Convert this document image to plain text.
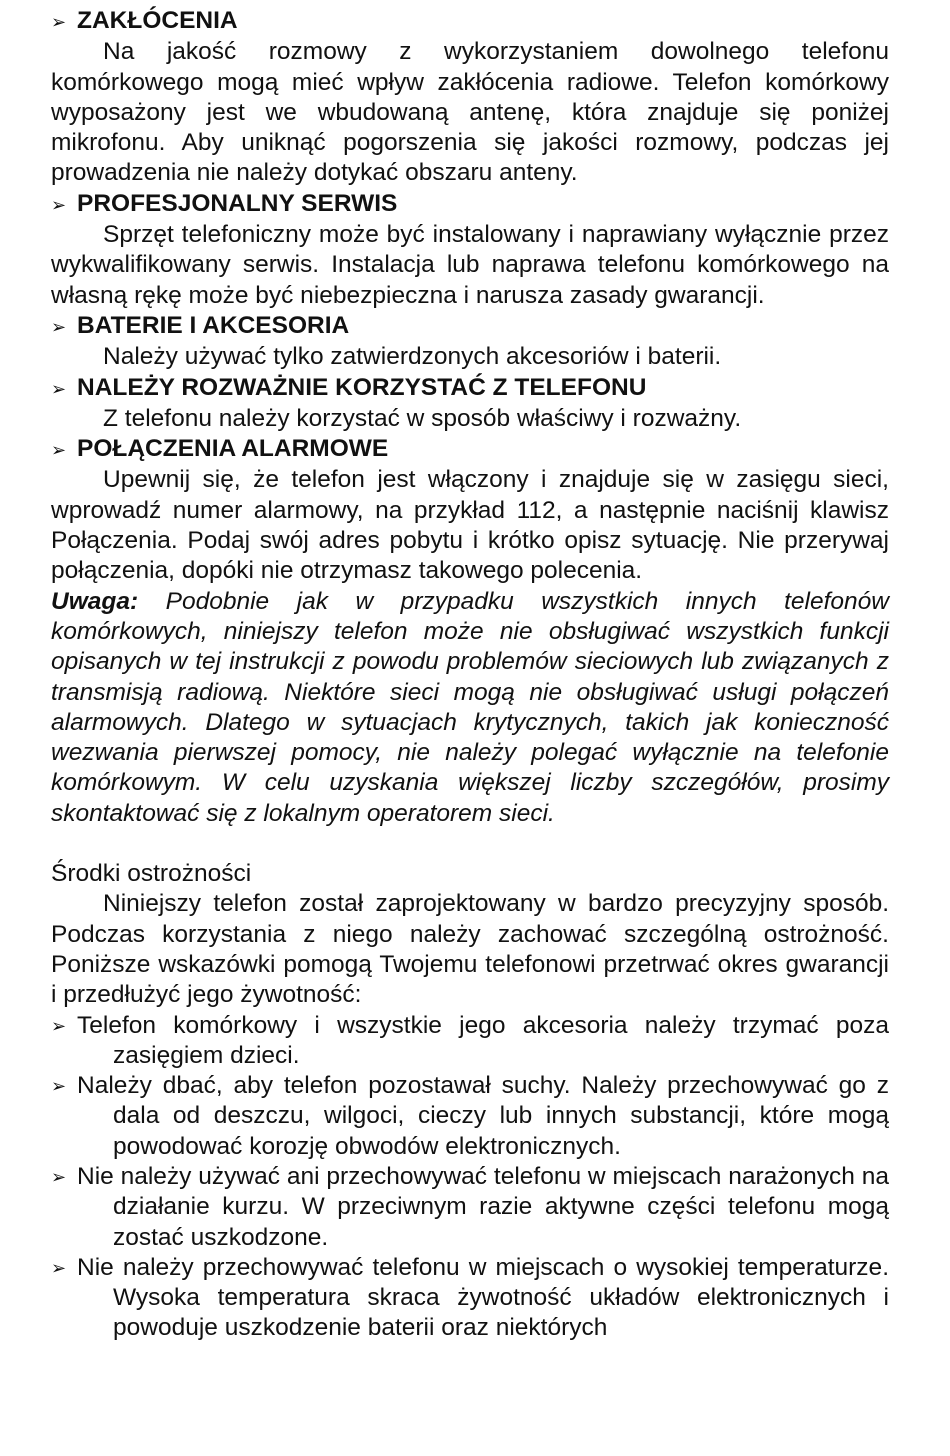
➢ ZAKŁÓCENIA

Na jakość rozmowy z wykorzystaniem dowolnego telefonu komórkowego mogą mieć wpływ zakłócenia radiowe. Telefon komórkowy wyposażony jest we wbudowaną antenę, która znajduje się poniżej mikrofonu. Aby uniknąć pogorszenia się jakości rozmowy, podczas jej prowadzenia nie należy dotykać obszaru anteny.

➢ PROFESJONALNY SERWIS

Sprzęt telefoniczny może być instalowany i naprawiany wyłącznie przez wykwalifikowany serwis. Instalacja lub naprawa telefonu komórkowego na własną rękę może być niebezpieczna i narusza zasady gwarancji.

➢ BATERIE I AKCESORIA

Należy używać tylko zatwierdzonych akcesoriów i baterii.

➢ NALEŻY ROZWAŻNIE KORZYSTAĆ Z TELEFONU

Z telefonu należy korzystać w sposób właściwy i rozważny.

➢ POŁĄCZENIA ALARMOWE

Upewnij się, że telefon jest włączony i znajduje się w zasięgu sieci, wprowadź numer alarmowy, na przykład 112, a następnie naciśnij klawisz Połączenia. Podaj swój adres pobytu i krótko opisz sytuację. Nie przerywaj połączenia, dopóki nie otrzymasz takowego polecenia.

Uwaga: Podobnie jak w przypadku wszystkich innych telefonów komórkowych, niniejszy telefon może nie obsługiwać wszystkich funkcji opisanych w tej instrukcji z powodu problemów sieciowych lub związanych z transmisją radiową. Niektóre sieci mogą nie obsługiwać usługi połączeń alarmowych. Dlatego w sytuacjach krytycznych, takich jak konieczność wezwania pierwszej pomocy, nie należy polegać wyłącznie na telefonie komórkowym. W celu uzyskania większej liczby szczegółów, prosimy skontaktować się z lokalnym operatorem sieci.

Środki ostrożności

Niniejszy telefon został zaprojektowany w bardzo precyzyjny sposób. Podczas korzystania z niego należy zachować szczególną ostrożność. Poniższe wskazówki pomogą Twojemu telefonowi przetrwać okres gwarancji i przedłużyć jego żywotność:

➢ Telefon komórkowy i wszystkie jego akcesoria należy trzymać poza zasięgiem dzieci.
➢ Należy dbać, aby telefon pozostawał suchy. Należy przechowywać go z dala od deszczu, wilgoci, cieczy lub innych substancji, które mogą powodować korozję obwodów elektronicznych.
➢ Nie należy używać ani przechowywać telefonu w miejscach narażonych na działanie kurzu. W przeciwnym razie aktywne części telefonu mogą zostać uszkodzone.
➢ Nie należy przechowywać telefonu w miejscach o wysokiej temperaturze. Wysoka temperatura skraca żywotność układów elektronicznych i powoduje uszkodzenie baterii oraz niektórych
